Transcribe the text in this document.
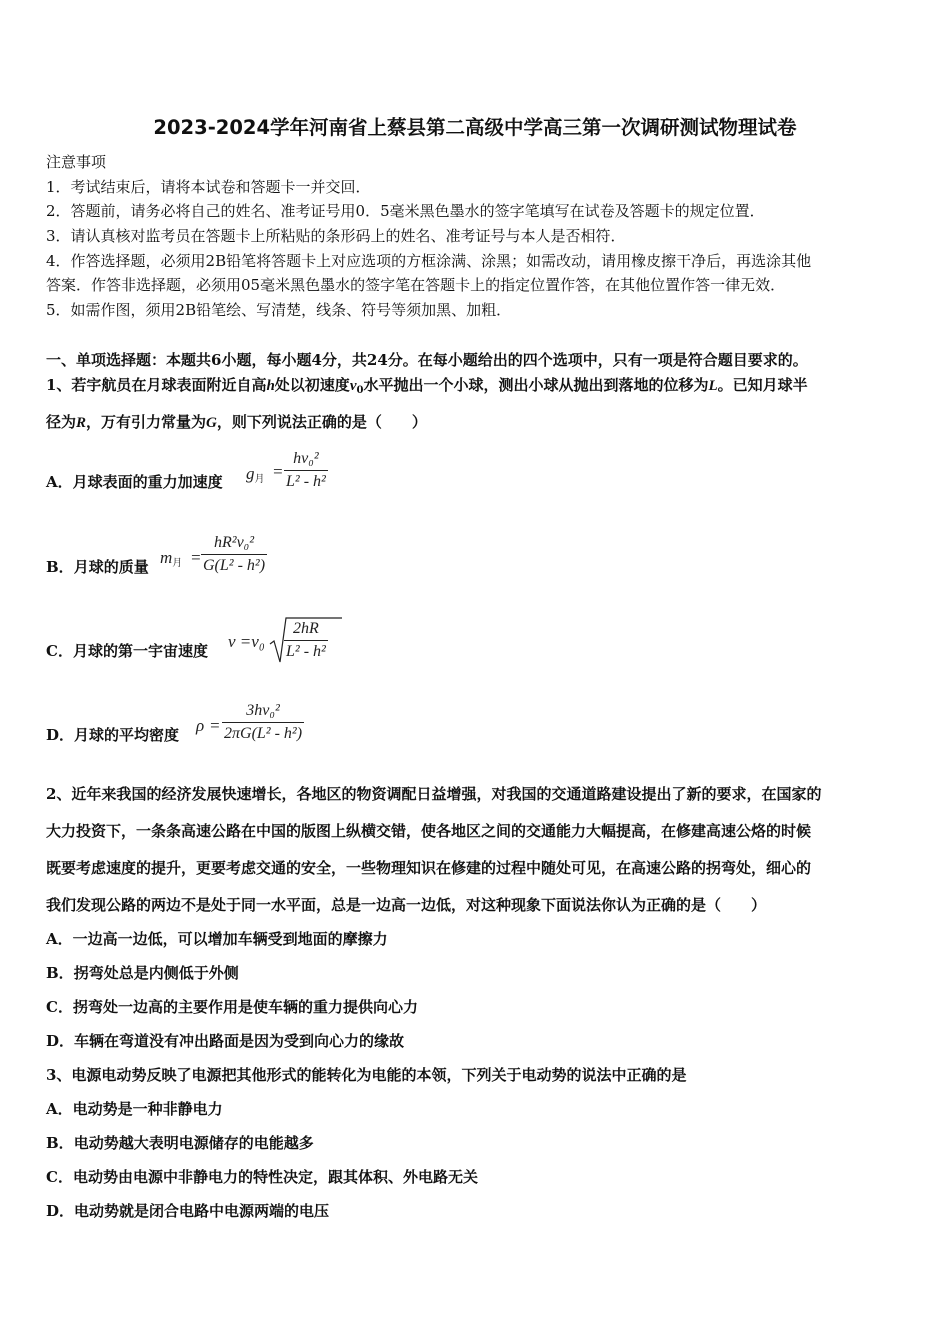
2023-2024学年河南省上蔡县第二高级中学高三第一次调研测试物理试卷
注意事项
1．考试结束后，请将本试卷和答题卡一并交回．
2．答题前，请务必将自己的姓名、准考证号用0．5毫米黑色墨水的签字笔填写在试卷及答题卡的规定位置．
3．请认真核对监考员在答题卡上所粘贴的条形码上的姓名、准考证号与本人是否相符．
4．作答选择题，必须用2B铅笔将答题卡上对应选项的方框涂满、涂黑；如需改动，请用橡皮擦干净后，再选涂其他
答案．作答非选择题，必须用05毫米黑色墨水的签字笔在答题卡上的指定位置作答，在其他位置作答一律无效．
5．如需作图，须用2B铅笔绘、写清楚，线条、符号等须加黑、加粗．
一、单项选择题：本题共6小题，每小题4分，共24分。在每小题给出的四个选项中，只有一项是符合题目要求的。
1、若宇航员在月球表面附近自高h处以初速度$v_0$水平抛出一个小球，测出小球从抛出到落地的位移为L。已知月球半
径为R，万有引力常量为G，则下列说法正确的是（　　）
A．月球表面的重力加速度 $g_月 = \frac{\text{hv₀²}}{\text{L² - h²}}$
B．月球的质量 $m_月 = \frac{\text{hR²v₀²}}{\text{G(L² - h²)}}$
C．月球的第一宇宙速度 $v =v_0 \frac{2hR}{\text{L² - h²}}$
D．月球的平均密度 $\rho = \frac{\text{3hv₀²}}{\text{2πG(L² - h²)}}$
2、近年来我国的经济发展快速增长，各地区的物资调配日益增强，对我国的交通道路建设提出了新的要求，在国家的
大力投资下，一条条高速公路在中国的版图上纵横交错，使各地区之间的交通能力大幅提高，在修建高速公烙的时候
既要考虑速度的提升，更要考虑交通的安全，一些物理知识在修建的过程中随处可见，在高速公路的拐弯处，细心的
我们发现公路的两边不是处于同一水平面，总是一边高一边低，对这种现象下面说法你认为正确的是（　　）
A．一边高一边低，可以增加车辆受到地面的摩擦力
B．拐弯处总是内侧低于外侧
C．拐弯处一边高的主要作用是使车辆的重力提供向心力
D．车辆在弯道没有冲出路面是因为受到向心力的缘故
3、电源电动势反映了电源把其他形式的能转化为电能的本领，下列关于电动势的说法中正确的是
A．电动势是一种非静电力
B．电动势越大表明电源储存的电能越多
C．电动势由电源中非静电力的特性决定，跟其体积、外电路无关
D．电动势就是闭合电路中电源两端的电压
